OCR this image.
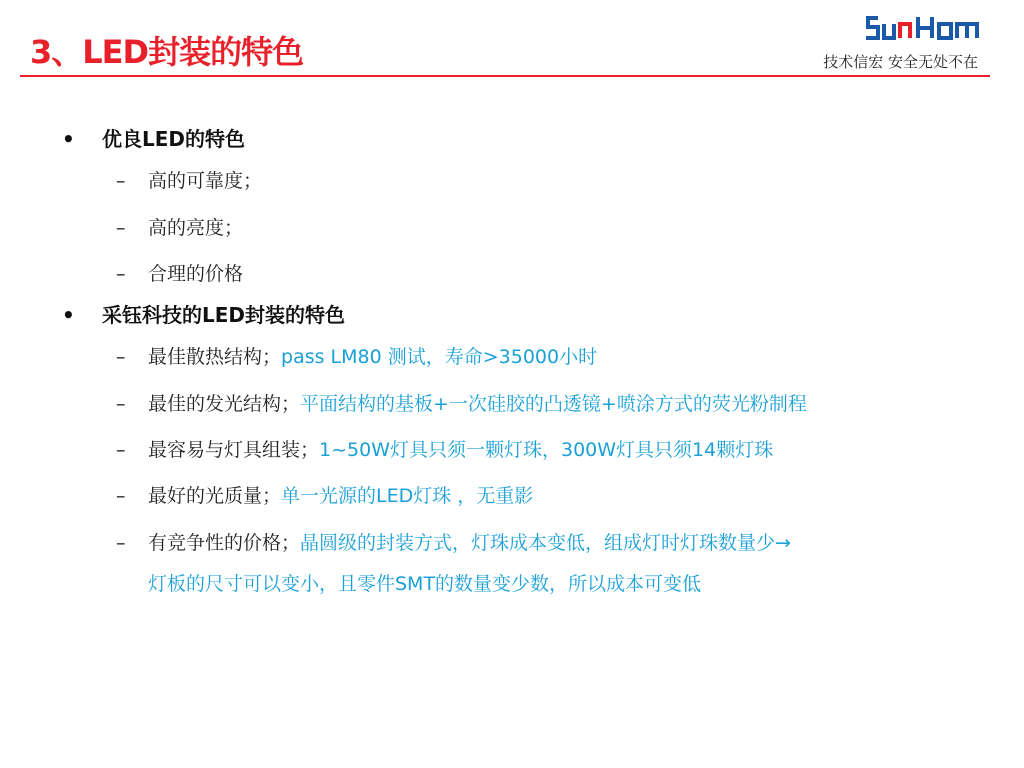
3、LED封装的特色	技术信宏 安全无处不在
• 优良LED的特色
– 高的可靠度；
– 高的亮度；
– 合理的价格
• 采钰科技的LED封装的特色
– 最佳散热结构；pass LM80 测试，寿命>35000小时
– 最佳的发光结构；平面结构的基板+一次硅胶的凸透镜+喷涂方式的荧光粉制程
– 最容易与灯具组装；1~50W灯具只须一颗灯珠，300W灯具只须14颗灯珠
– 最好的光质量；单一光源的LED灯珠 ，无重影
– 有竞争性的价格；晶圆级的封装方式，灯珠成本变低，组成灯时灯珠数量少→
灯板的尺寸可以变小，且零件SMT的数量变少数，所以成本可变低
